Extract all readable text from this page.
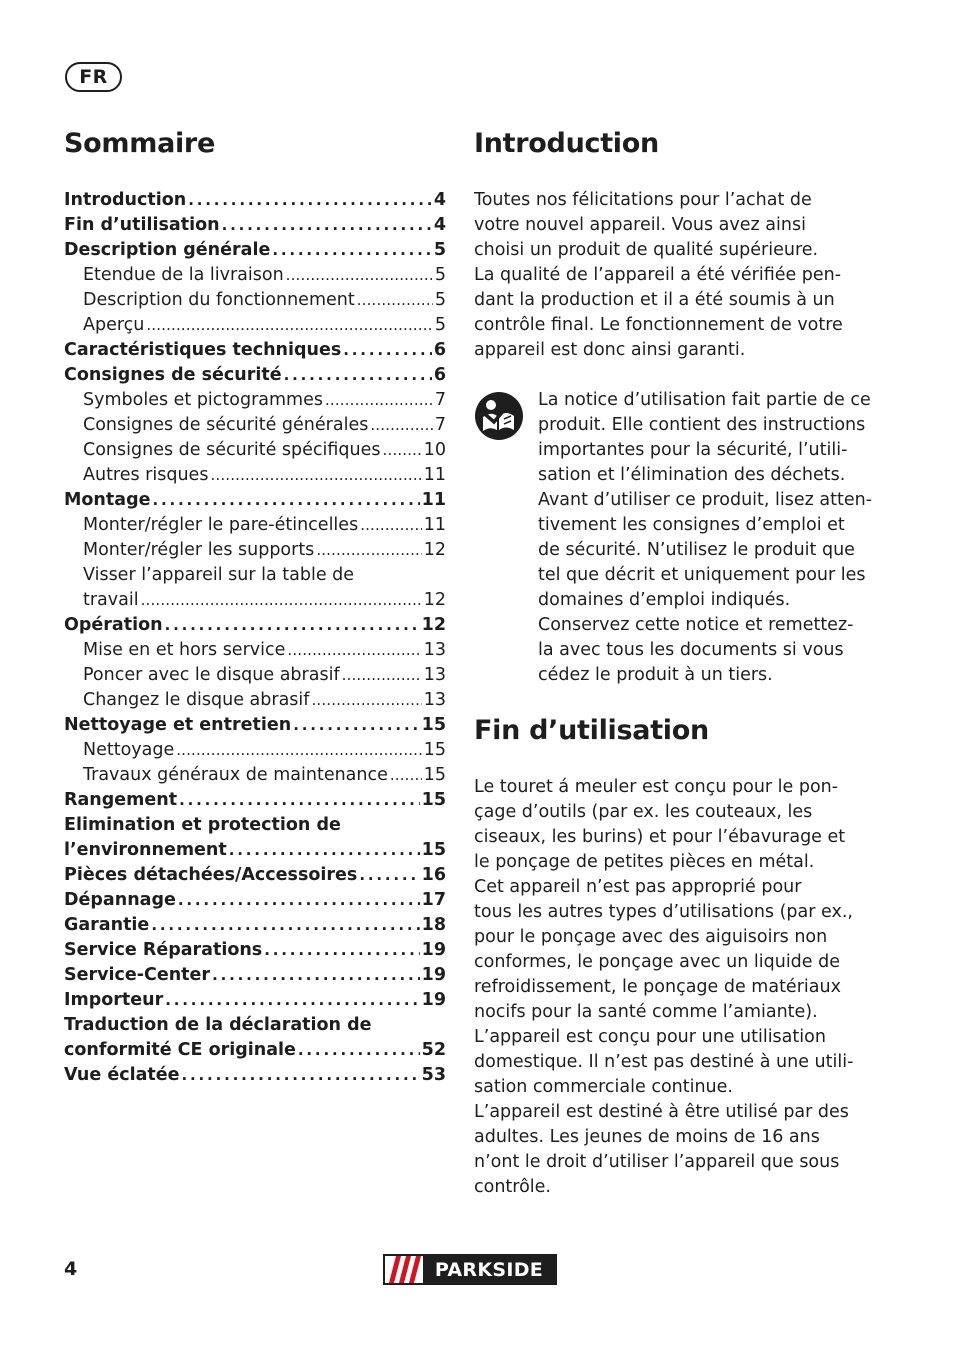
FR
Sommaire
Introduction . . .	4
Fin d’utilisation . . .	4
Description générale . . .	5
Etendue de la livraison . . .	5
Description du fonctionnement . . .	5
Aperçu . . .	5
Caractéristiques techniques . . .	6
Consignes de sécurité . . .	6
Symboles et pictogrammes . . .	7
Consignes de sécurité générales . . .	7
Consignes de sécurité spécifiques . . . 10
Autres risques . . .	11
Montage . . .	11
Monter/régler le pare-étincelles . . .	11
Monter/régler les supports . . .	12
Visser l’appareil sur la table de
travail . . .	12
Opération . . .	12
Mise en et hors service . . .	13
Poncer avec le disque abrasif . . .	13
Changez le disque abrasif . . .	13
Nettoyage et entretien . . .	15
Nettoyage . . .	15
Travaux généraux de maintenance . . . 15
Rangement . . .	15
Elimination et protection de
l’environnement . . .	15
Pièces détachées/Accessoires . . .	16
Dépannage . . .	17
Garantie . . .	18
Service Réparations . . .	19
Service-Center . . .	19
Importeur . . .	19
Traduction de la déclaration de
conformité CE originale . . .	52
Vue éclatée . . .	53
Introduction

Toutes nos félicitations pour l’achat de
votre nouvel appareil. Vous avez ainsi
choisi un produit de qualité supérieure.
La qualité de l’appareil a été vérifiée pen-
dant la production et il a été soumis à un
contrôle final. Le fonctionnement de votre
appareil est donc ainsi garanti.

La notice d’utilisation fait partie de ce
produit. Elle contient des instructions
importantes pour la sécurité, l’utili-
sation et l’élimination des déchets.
Avant d’utiliser ce produit, lisez atten-
tivement les consignes d’emploi et
de sécurité. N’utilisez le produit que
tel que décrit et uniquement pour les
domaines d’emploi indiqués.
Conservez cette notice et remettez-
la avec tous les documents si vous
cédez le produit à un tiers.

Fin d’utilisation

Le touret á meuler est conçu pour le pon-
çage d’outils (par ex. les couteaux, les
ciseaux, les burins) et pour l’ébavurage et
le ponçage de petites pièces en métal.
Cet appareil n’est pas approprié pour
tous les autres types d’utilisations (par ex.,
pour le ponçage avec des aiguisoirs non
conformes, le ponçage avec un liquide de
refroidissement, le ponçage de matériaux
nocifs pour la santé comme l’amiante).
L’appareil est conçu pour une utilisation
domestique. Il n’est pas destiné à une utili-
sation commerciale continue.
L’appareil est destiné à être utilisé par des
adultes. Les jeunes de moins de 16 ans
n’ont le droit d’utiliser l’appareil que sous
contrôle.

4	PARKSIDE
